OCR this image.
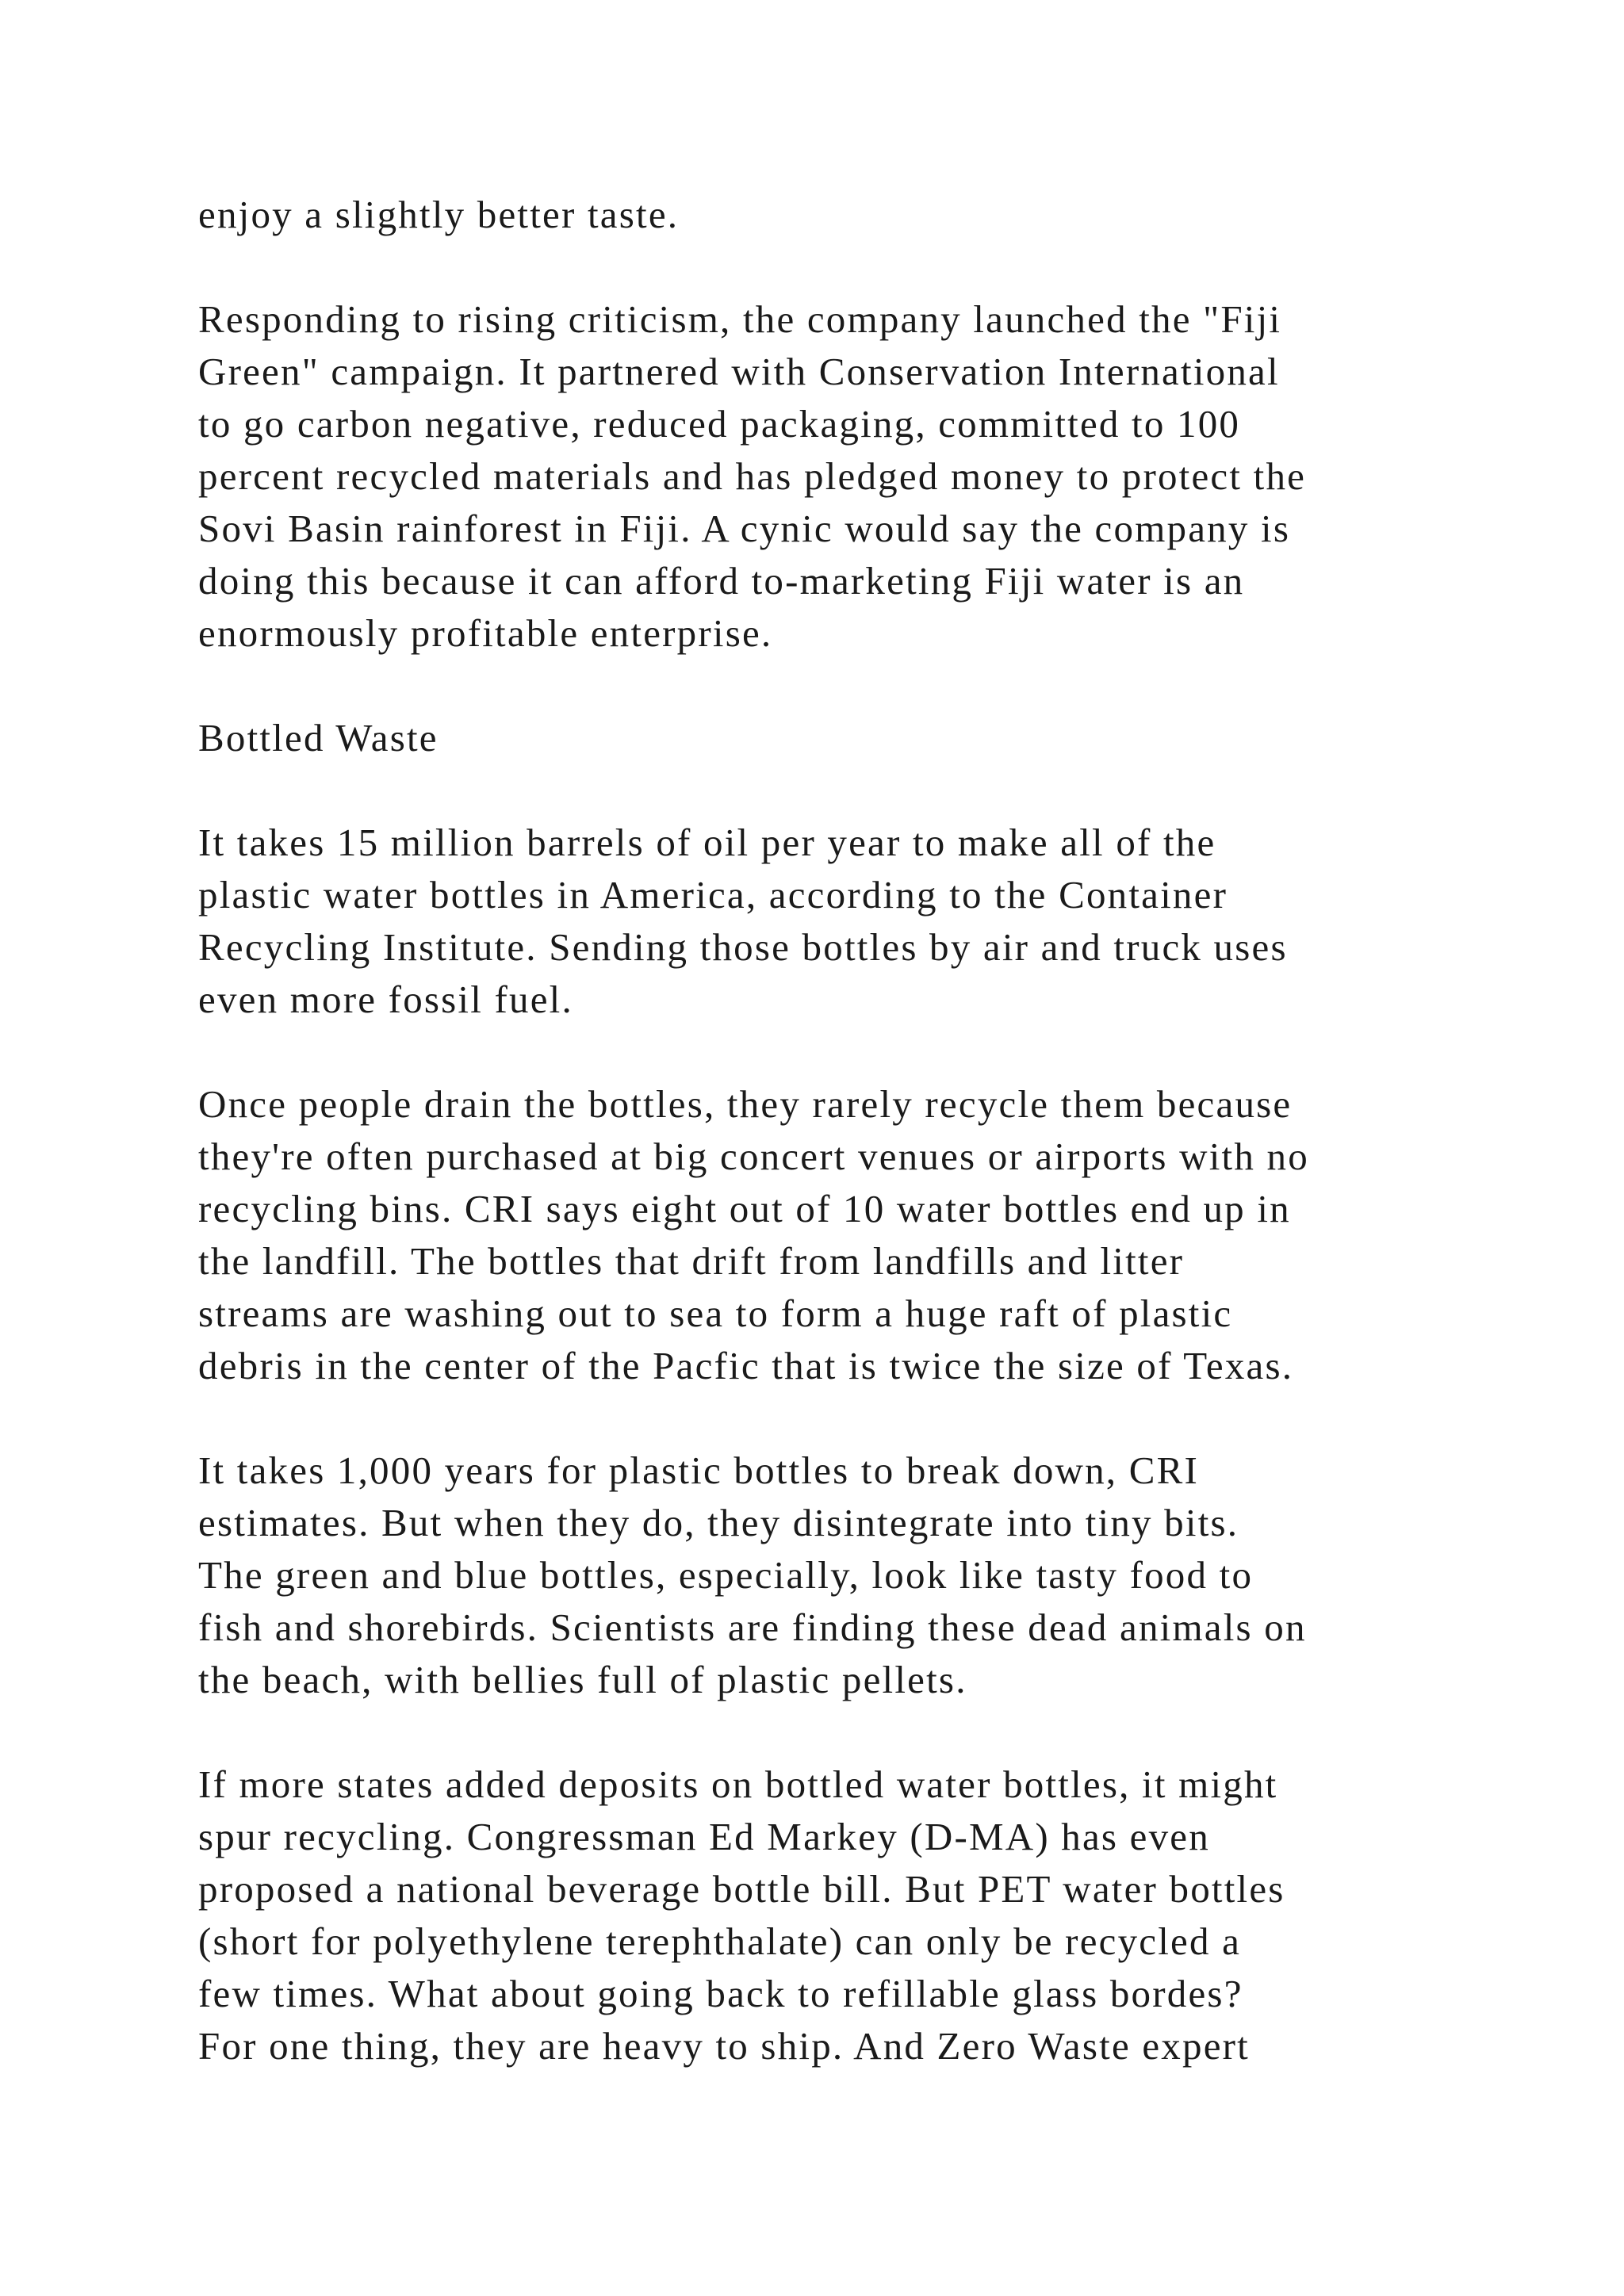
enjoy a slightly better taste.
Responding to rising criticism, the company launched the "Fiji
Green" campaign. It partnered with Conservation International
to go carbon negative, reduced packaging, committed to 100
percent recycled materials and has pledged money to protect the
Sovi Basin rainforest in Fiji. A cynic would say the company is
doing this because it can afford to-marketing Fiji water is an
enormously profitable enterprise.
Bottled Waste
It takes 15 million barrels of oil per year to make all of the
plastic water bottles in America, according to the Container
Recycling Institute. Sending those bottles by air and truck uses
even more fossil fuel.
Once people drain the bottles, they rarely recycle them because
they're often purchased at big concert venues or airports with no
recycling bins. CRI says eight out of 10 water bottles end up in
the landfill. The bottles that drift from landfills and litter
streams are washing out to sea to form a huge raft of plastic
debris in the center of the Pacfic that is twice the size of Texas.
It takes 1,000 years for plastic bottles to break down, CRI
estimates. But when they do, they disintegrate into tiny bits.
The green and blue bottles, especially, look like tasty food to
fish and shorebirds. Scientists are finding these dead animals on
the beach, with bellies full of plastic pellets.
If more states added deposits on bottled water bottles, it might
spur recycling. Congressman Ed Markey (D-MA) has even
proposed a national beverage bottle bill. But PET water bottles
(short for polyethylene terephthalate) can only be recycled a
few times. What about going back to refillable glass bordes?
For one thing, they are heavy to ship. And Zero Waste expert
